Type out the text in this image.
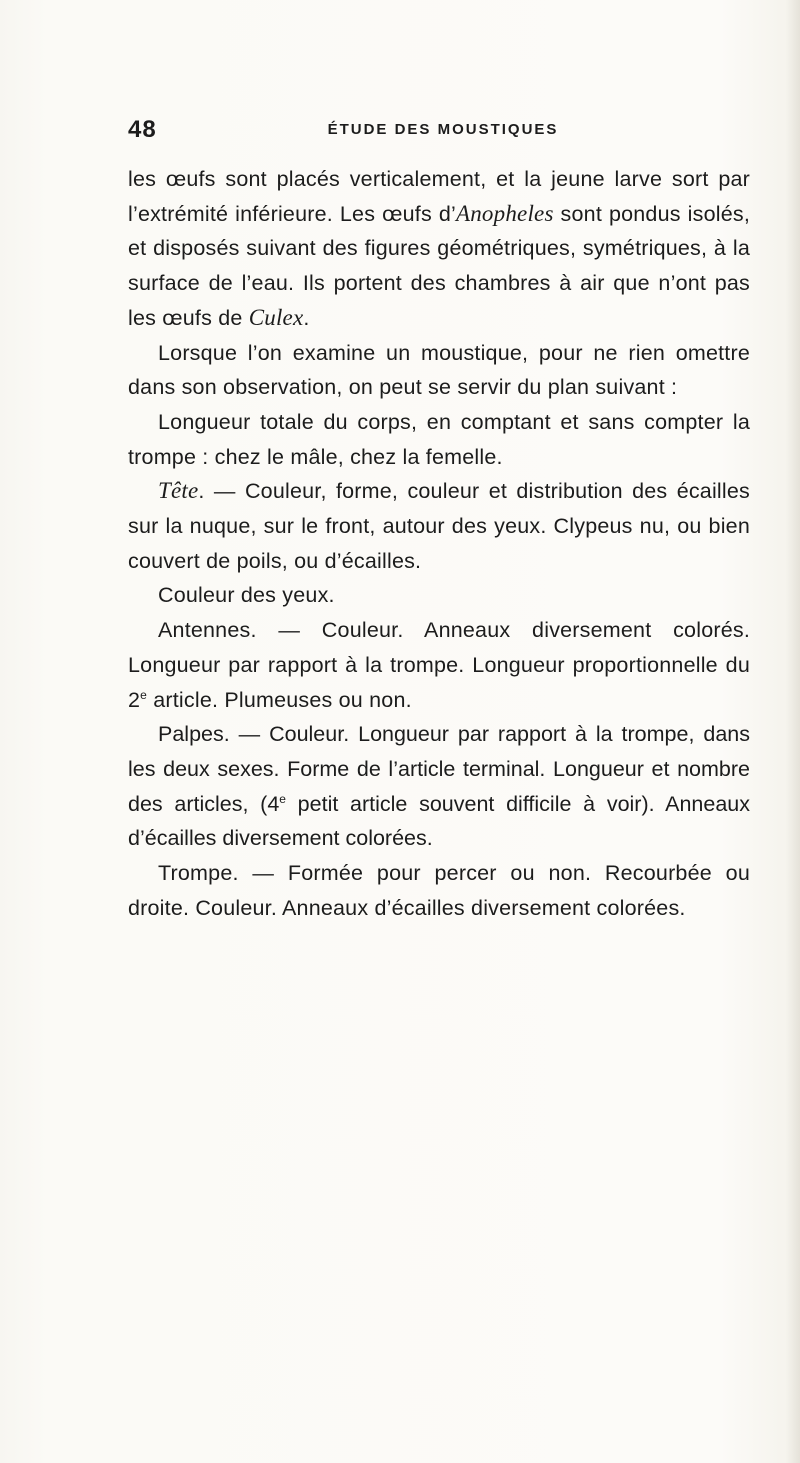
48	ÉTUDE DES MOUSTIQUES

les œufs sont placés verticalement, et la jeune larve sort par l’extrémité inférieure. Les œufs d’Anopheles sont pondus isolés, et disposés suivant des figures géométriques, symétriques, à la surface de l’eau. Ils portent des chambres à air que n’ont pas les œufs de Culex.

Lorsque l’on examine un moustique, pour ne rien omettre dans son observation, on peut se servir du plan suivant :

Longueur totale du corps, en comptant et sans compter la trompe : chez le mâle, chez la femelle.

Tête. — Couleur, forme, couleur et distribution des écailles sur la nuque, sur le front, autour des yeux. Clypeus nu, ou bien couvert de poils, ou d’écailles.

Couleur des yeux.

Antennes. — Couleur. Anneaux diversement colorés. Longueur par rapport à la trompe. Longueur proportionnelle du 2e article. Plumeuses ou non.

Palpes. — Couleur. Longueur par rapport à la trompe, dans les deux sexes. Forme de l’article terminal. Longueur et nombre des articles, (4e petit article souvent difficile à voir). Anneaux d’écailles diversement colorées.

Trompe. — Formée pour percer ou non. Recourbée ou droite. Couleur. Anneaux d’écailles diversement colorées.
